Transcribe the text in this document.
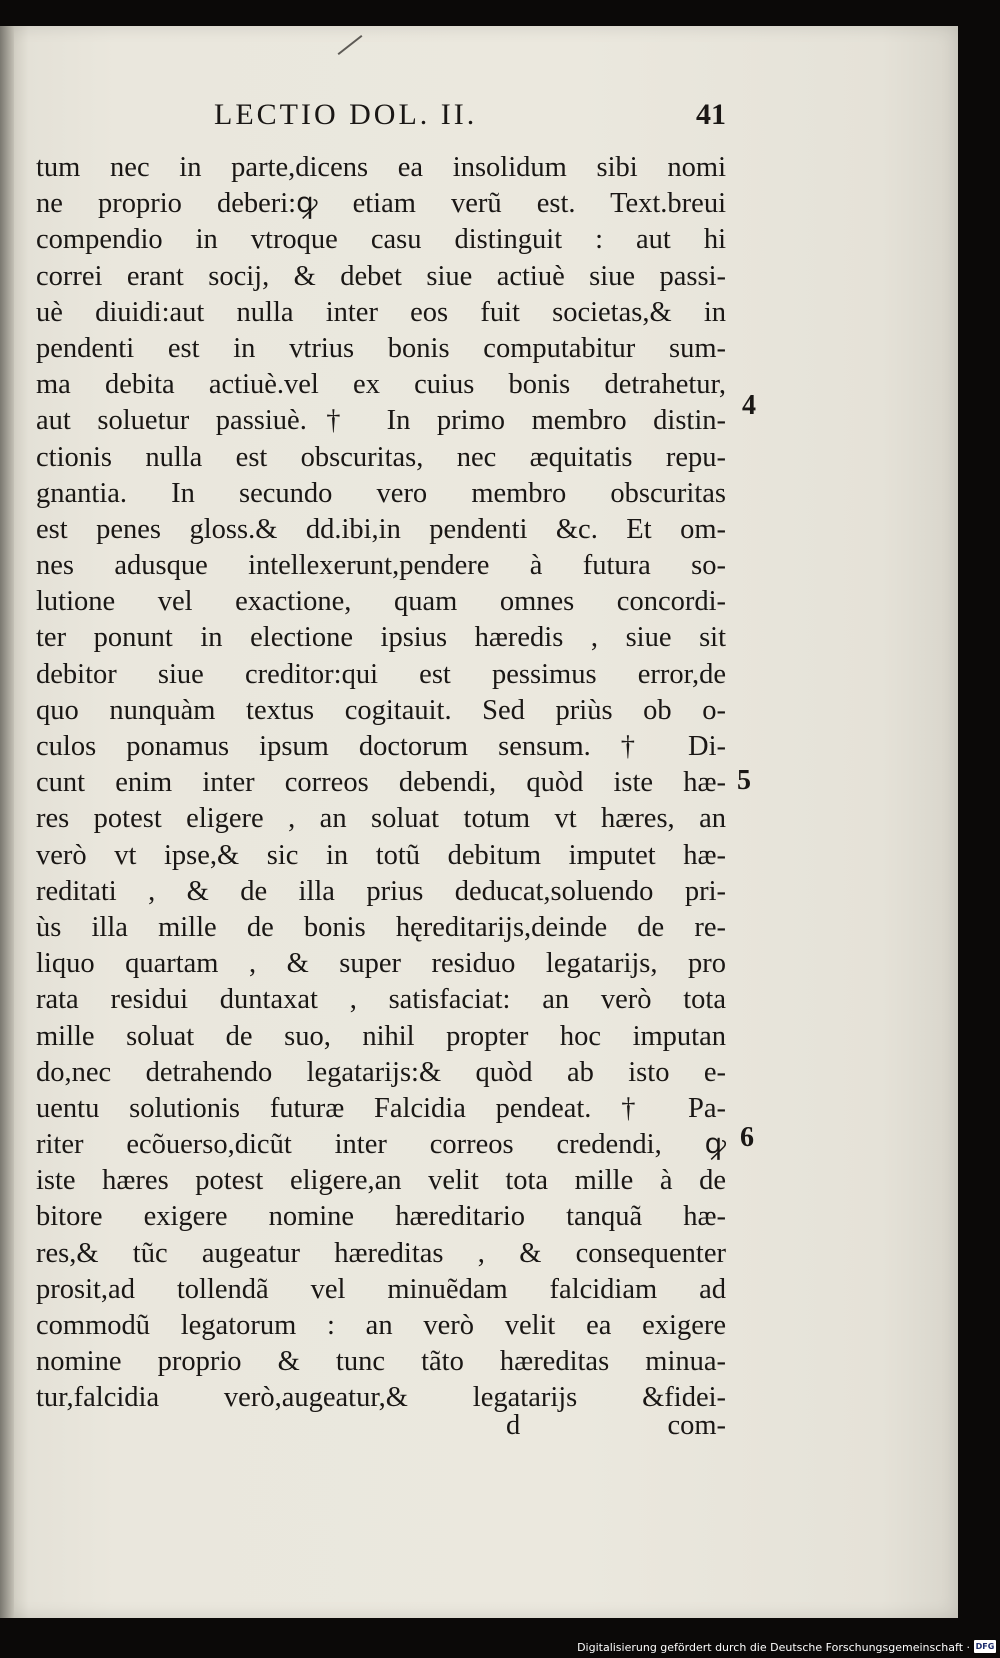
LECTIO DOL. II.	41
tum nec in parte,dicens ea insolidum sibi nomi
ne proprio deberi:ꝙ etiam verũ est. Text.breui
compendio in vtroque casu distinguit : aut hi
correi erant socij, & debet siue actiuè siue passi-
uè diuidi:aut nulla inter eos fuit societas,& in
pendenti est in vtrius bonis computabitur sum-
ma debita actiuè.vel ex cuius bonis detrahetur,
aut soluetur passiuè.† In primo membro distin-
ctionis nulla est obscuritas, nec æquitatis repu-
gnantia. In secundo vero membro obscuritas
est penes gloss.& dd.ibi,in pendenti &c. Et om-
nes adusque intellexerunt,pendere à futura so-
lutione vel exactione, quam omnes concordi-
ter ponunt in electione ipsius hæredis , siue sit
debitor siue creditor:qui est pessimus error,de
quo nunquàm textus cogitauit. Sed priùs ob o-
culos ponamus ipsum doctorum sensum. † Di-
cunt enim inter correos debendi, quòd iste hæ-
res potest eligere , an soluat totum vt hæres, an
verò vt ipse,& sic in totũ debitum imputet hæ-
reditati , & de illa prius deducat,soluendo pri-
ùs illa mille de bonis hęreditarijs,deinde de re-
liquo quartam , & super residuo legatarijs, pro
rata residui duntaxat , satisfaciat: an verò tota
mille soluat de suo, nihil propter hoc imputan
do,nec detrahendo legatarijs:& quòd ab isto e-
uentu solutionis futuræ Falcidia pendeat. † Pa-
riter ecõuerso,dicũt inter correos credendi, ꝙ
iste hæres potest eligere,an velit tota mille à de
bitore exigere nomine hæreditario tanquã hæ-
res,& tũc augeatur hæreditas , & consequenter
prosit,ad tollendã vel minuẽdam falcidiam ad
commodũ legatorum : an verò velit ea exigere
nomine proprio & tunc tãto hæreditas minua-
tur,falcidia verò,augeatur,& legatarijs &fidei-
4
5
6
d	com-
Digitalisierung gefördert durch die Deutsche Forschungsgemeinschaft · DFG
